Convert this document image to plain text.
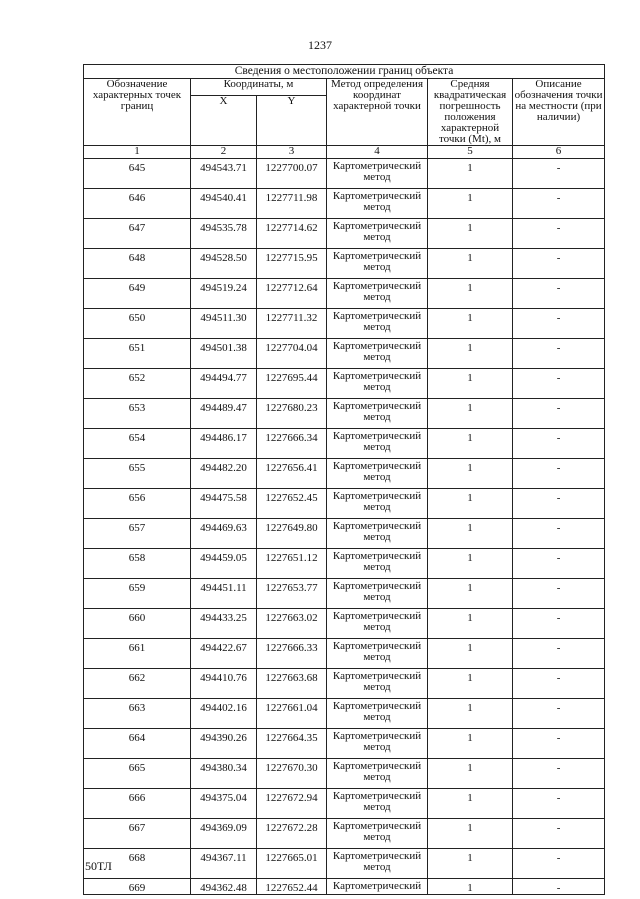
1237
Сведения о местоположении границ объекта					
Обозначение характерных точек границ	Координаты, м		Метод определения координат характерной точки	Средняя квадратическая погрешность положения характерной точки (Mt), м	Описание обозначения точки на местности (при наличии)
	X	Y			
1	2	3	4	5	6
645	494543.71	1227700.07	Картометрический метод	1	-
646	494540.41	1227711.98	Картометрический метод	1	-
647	494535.78	1227714.62	Картометрический метод	1	-
648	494528.50	1227715.95	Картометрический метод	1	-
649	494519.24	1227712.64	Картометрический метод	1	-
650	494511.30	1227711.32	Картометрический метод	1	-
651	494501.38	1227704.04	Картометрический метод	1	-
652	494494.77	1227695.44	Картометрический метод	1	-
653	494489.47	1227680.23	Картометрический метод	1	-
654	494486.17	1227666.34	Картометрический метод	1	-
655	494482.20	1227656.41	Картометрический метод	1	-
656	494475.58	1227652.45	Картометрический метод	1	-
657	494469.63	1227649.80	Картометрический метод	1	-
658	494459.05	1227651.12	Картометрический метод	1	-
659	494451.11	1227653.77	Картометрический метод	1	-
660	494433.25	1227663.02	Картометрический метод	1	-
661	494422.67	1227666.33	Картометрический метод	1	-
662	494410.76	1227663.68	Картометрический метод	1	-
663	494402.16	1227661.04	Картометрический метод	1	-
664	494390.26	1227664.35	Картометрический метод	1	-
665	494380.34	1227670.30	Картометрический метод	1	-
666	494375.04	1227672.94	Картометрический метод	1	-
667	494369.09	1227672.28	Картометрический метод	1	-
668	494367.11	1227665.01	Картометрический метод	1	-
669	494362.48	1227652.44	Картометрический	1	-
50ТЛ
